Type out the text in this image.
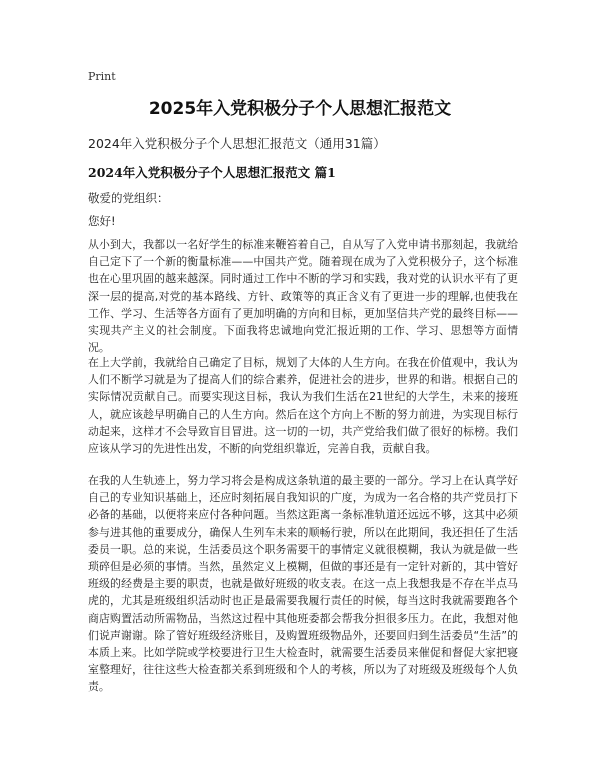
Print
2025年入党积极分子个人思想汇报范文
2024年入党积极分子个人思想汇报范文（通用31篇）
2024年入党积极分子个人思想汇报范文 篇1
敬爱的党组织：
您好!
从小到大，我都以一名好学生的标准来鞭笞着自己，自从写了入党申请书那刻起，我就给自己定下了一个新的衡量标准——中国共产党。随着现在成为了入党积极分子，这个标准也在心里巩固的越来越深。同时通过工作中不断的学习和实践，我对党的认识水平有了更深一层的提高,对党的基本路线、方针、政策等的真正含义有了更进一步的理解,也使我在工作、学习、生活等各方面有了更加明确的方向和目标，更加坚信共产党的最终目标——实现共产主义的社会制度。下面我将忠诚地向党汇报近期的工作、学习、思想等方面情况。
在上大学前，我就给自己确定了目标，规划了大体的人生方向。在我在价值观中，我认为人们不断学习就是为了提高人们的综合素养，促进社会的进步，世界的和谐。根据自己的实际情况贡献自己。而要实现这目标，我认为我们生活在21世纪的大学生，未来的接班人，就应该趁早明确自己的人生方向。然后在这个方向上不断的努力前进，为实现目标行动起来，这样才不会导致盲目冒进。这一切的一切，共产党给我们做了很好的标榜。我们应该从学习的先进性出发，不断的向党组织靠近，完善自我，贡献自我。
在我的人生轨迹上，努力学习将会是构成这条轨道的最主要的一部分。学习上在认真学好自己的专业知识基础上，还应时刻拓展自我知识的广度，为成为一名合格的共产党员打下必备的基础，以便将来应付各种问题。当然这距离一条标准轨道还远远不够，这其中必须参与进其他的重要成分，确保人生列车未来的顺畅行驶，所以在此期间，我还担任了生活委员一职。总的来说，生活委员这个职务需要干的事情定义就很模糊，我认为就是做一些琐碎但是必须的事情。当然，虽然定义上模糊，但做的事还是有一定针对新的，其中管好班级的经费是主要的职责，也就是做好班级的收支表。在这一点上我想我是不存在半点马虎的，尤其是班级组织活动时也正是最需要我履行责任的时候，每当这时我就需要跑各个商店购置活动所需物品，当然这过程中其他班委都会帮我分担很多压力。在此，我想对他们说声谢谢。除了管好班级经济账目，及购置班级物品外，还要回归到生活委员“生活”的本质上来。比如学院或学校要进行卫生大检查时，就需要生活委员来催促和督促大家把寝室整理好，往往这些大检查都关系到班级和个人的考核，所以为了对班级及班级每个人负责。
